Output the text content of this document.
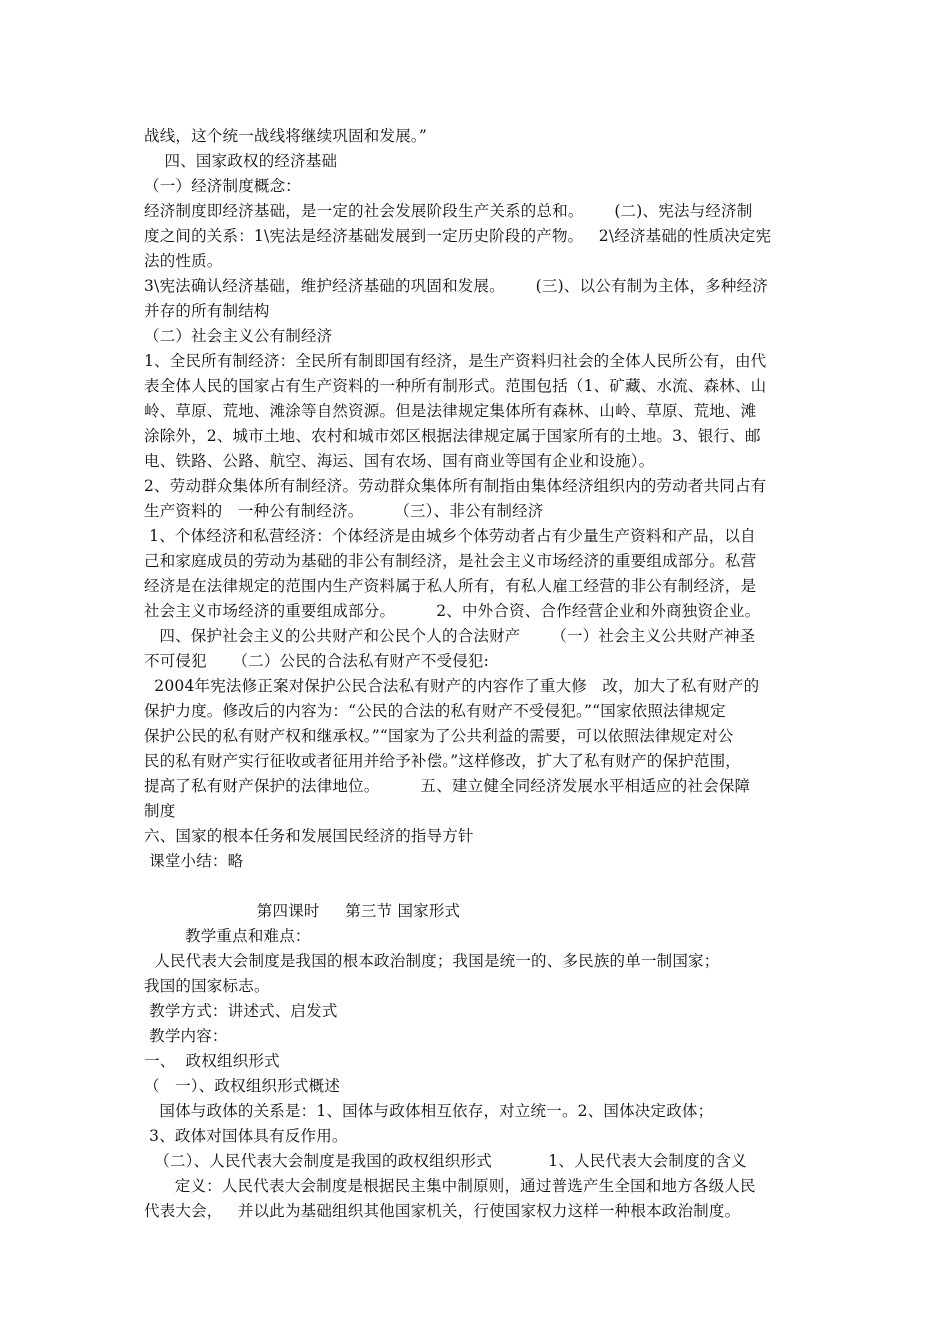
战线，这个统一战线将继续巩固和发展。”
四、国家政权的经济基础
（一）经济制度概念：
经济制度即经济基础，是一定的社会发展阶段生产关系的总和。      (二)、宪法与经济制
度之间的关系：1\宪法是经济基础发展到一定历史阶段的产物。   2\经济基础的性质决定宪
法的性质。
3\宪法确认经济基础，维护经济基础的巩固和发展。      (三)、以公有制为主体，多种经济
并存的所有制结构
（二）社会主义公有制经济
1、全民所有制经济：全民所有制即国有经济，是生产资料归社会的全体人民所公有，由代
表全体人民的国家占有生产资料的一种所有制形式。范围包括（1、矿藏、水流、森林、山
岭、草原、荒地、滩涂等自然资源。但是法律规定集体所有森林、山岭、草原、荒地、滩
涂除外，2、城市土地、农村和城市郊区根据法律规定属于国家所有的土地。3、银行、邮
电、铁路、公路、航空、海运、国有农场、国有商业等国有企业和设施）。
2、劳动群众集体所有制经济。劳动群众集体所有制指由集体经济组织内的劳动者共同占有
生产资料的   一种公有制经济。      （三）、非公有制经济
1、个体经济和私营经济：个体经济是由城乡个体劳动者占有少量生产资料和产品，以自
己和家庭成员的劳动为基础的非公有制经济，是社会主义市场经济的重要组成部分。私营
经济是在法律规定的范围内生产资料属于私人所有，有私人雇工经营的非公有制经济，是
社会主义市场经济的重要组成部分。        2、中外合资、合作经营企业和外商独资企业。
四、保护社会主义的公共财产和公民个人的合法财产      （一）社会主义公共财产神圣
不可侵犯     （二）公民的合法私有财产不受侵犯:
2004年宪法修正案对保护公民合法私有财产的内容作了重大修   改，加大了私有财产的
保护力度。修改后的内容为：“公民的合法的私有财产不受侵犯。”“国家依照法律规定
保护公民的私有财产权和继承权。”“国家为了公共利益的需要，可以依照法律规定对公
民的私有财产实行征收或者征用并给予补偿。”这样修改，扩大了私有财产的保护范围，
提高了私有财产保护的法律地位。        五、建立健全同经济发展水平相适应的社会保障
制度
六、国家的根本任务和发展国民经济的指导方针
课堂小结：略
第四课时     第三节 国家形式
教学重点和难点：
人民代表大会制度是我国的根本政治制度；我国是统一的、多民族的单一制国家；
我国的国家标志。
教学方式：讲述式、启发式
教学内容：
一、  政权组织形式
（   一）、政权组织形式概述
国体与政体的关系是：1、国体与政体相互依存，对立统一。2、国体决定政体；
3、政体对国体具有反作用。
（二）、人民代表大会制度是我国的政权组织形式           1、人民代表大会制度的含义
定义：人民代表大会制度是根据民主集中制原则，通过普选产生全国和地方各级人民
代表大会，   并以此为基础组织其他国家机关，行使国家权力这样一种根本政治制度。
